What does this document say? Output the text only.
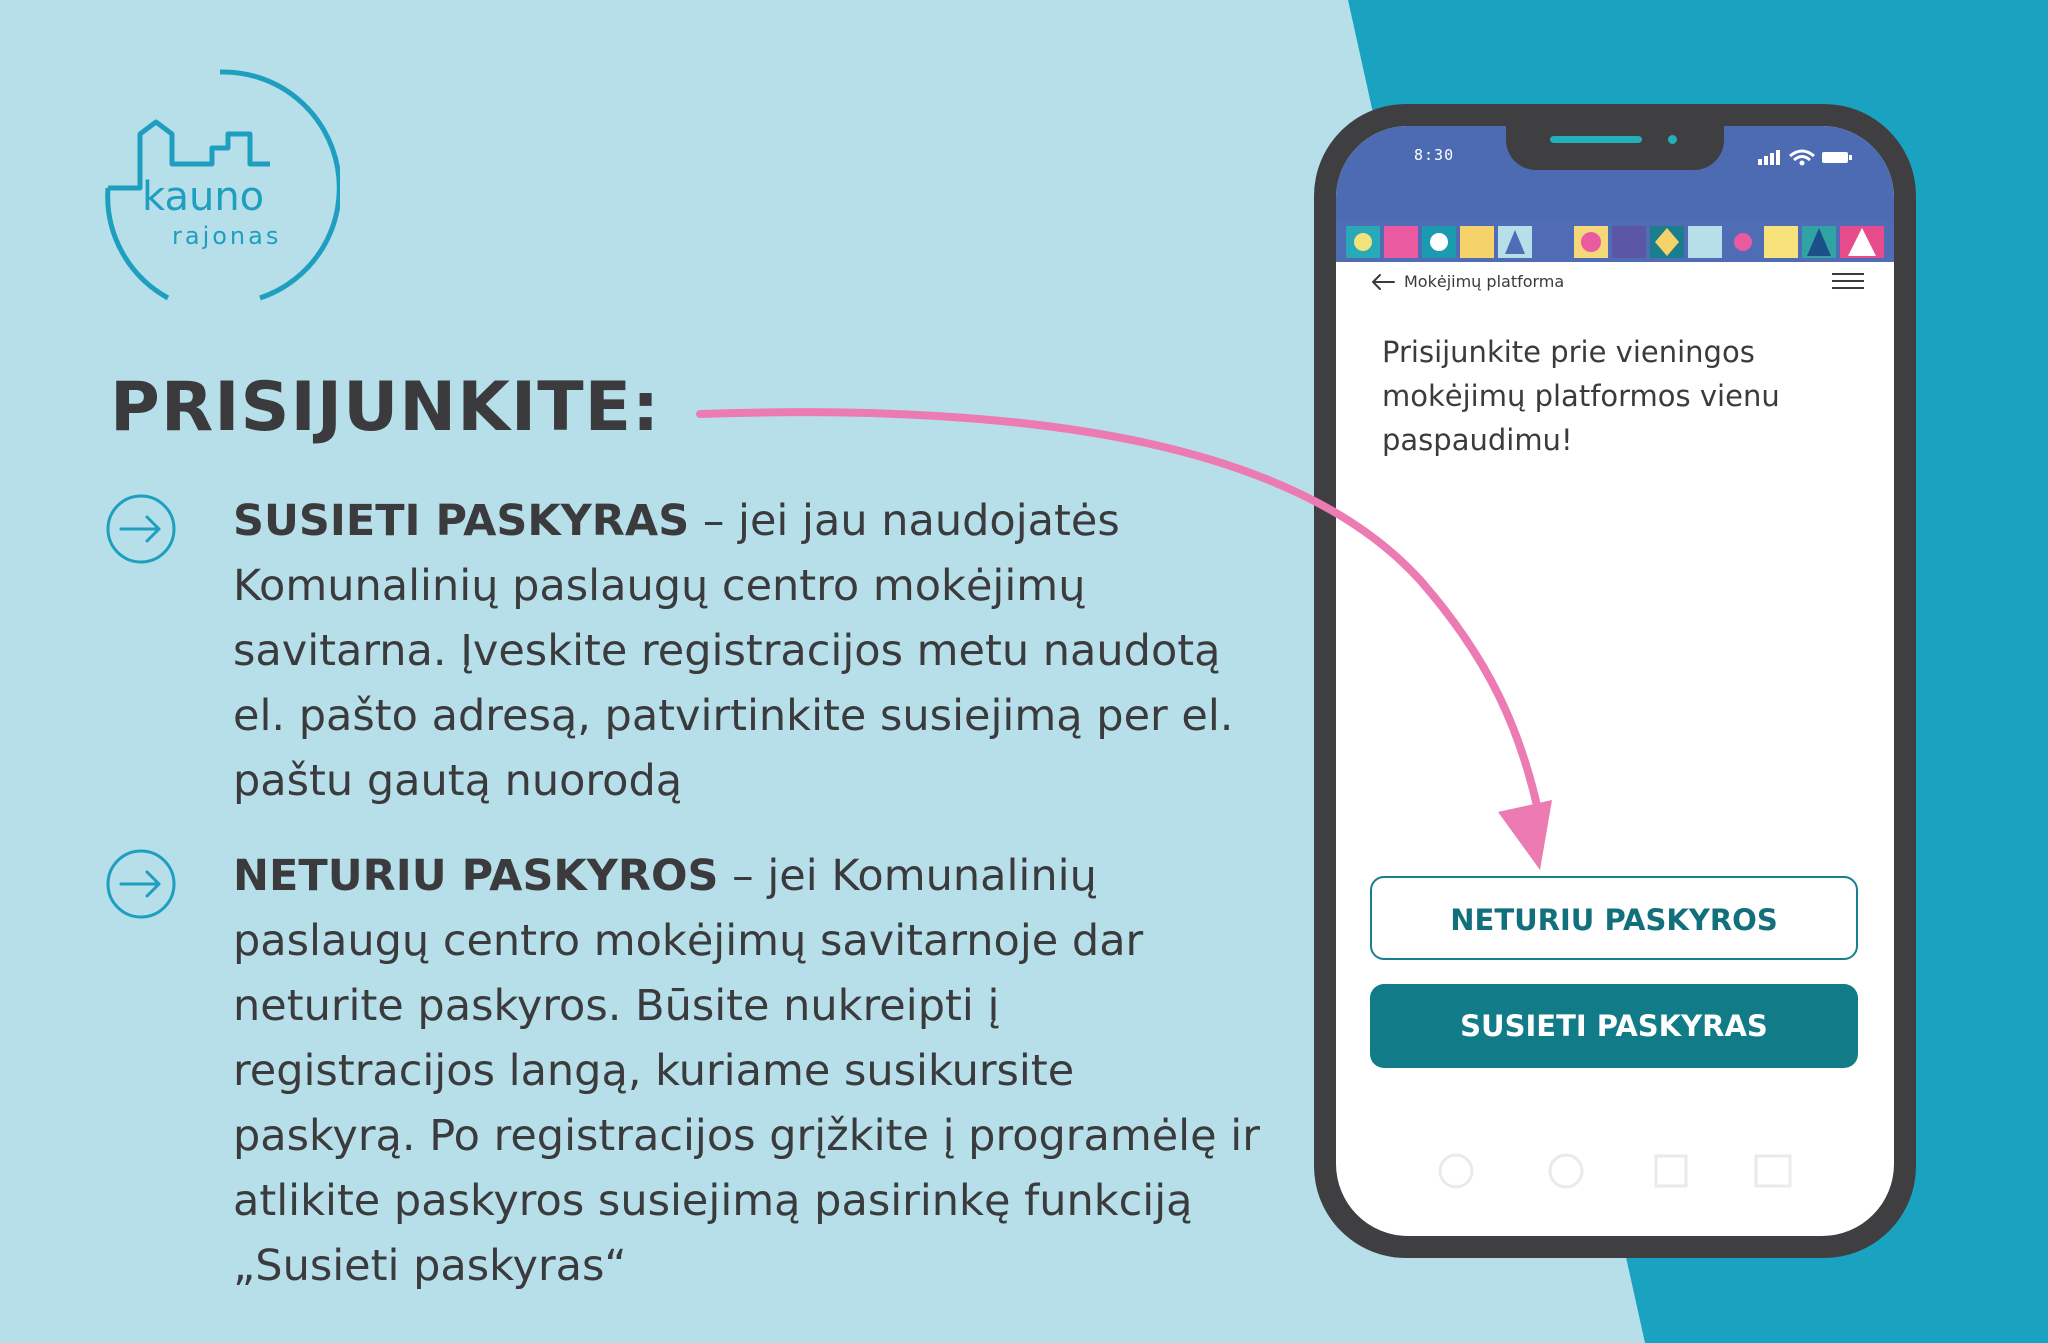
kauno
rajonas
PRISIJUNKITE:

SUSIETI PASKYRAS – jei jau naudojatės Komunalinių paslaugų centro mokėjimų savitarna. Įveskite registracijos metu naudotą el. pašto adresą, patvirtinkite susiejimą per el. paštu gautą nuorodą

NETURIU PASKYROS – jei Komunalinių paslaugų centro mokėjimų savitarnoje dar neturite paskyros. Būsite nukreipti į registracijos langą, kuriame susikursite paskyrą. Po registracijos grįžkite į programėlę ir atlikite paskyros susiejimą pasirinkę funkciją „Susieti paskyras“

8:30
Mokėjimų platforma

Prisijunkite prie vieningos mokėjimų platformos vienu paspaudimu!

NETURIU PASKYROS
SUSIETI PASKYRAS
